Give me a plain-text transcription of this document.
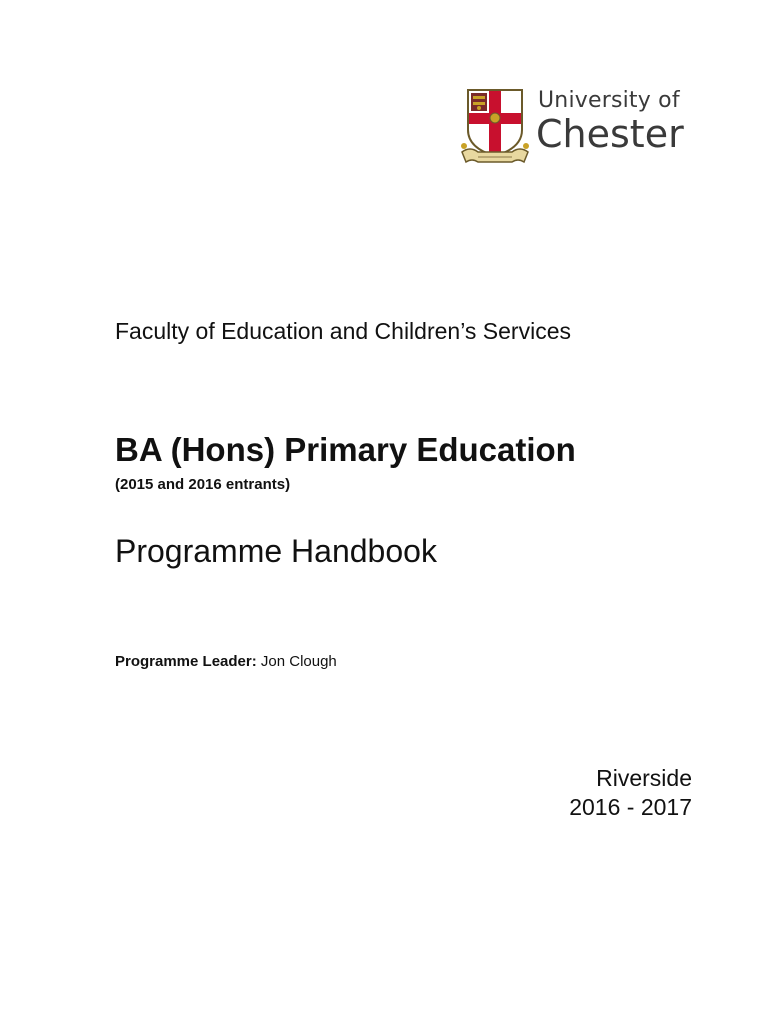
University of
Chester
Faculty of Education and Children’s Services
BA (Hons) Primary Education
(2015 and 2016 entrants)
Programme Handbook
Programme Leader: Jon Clough
Riverside
2016 - 2017
